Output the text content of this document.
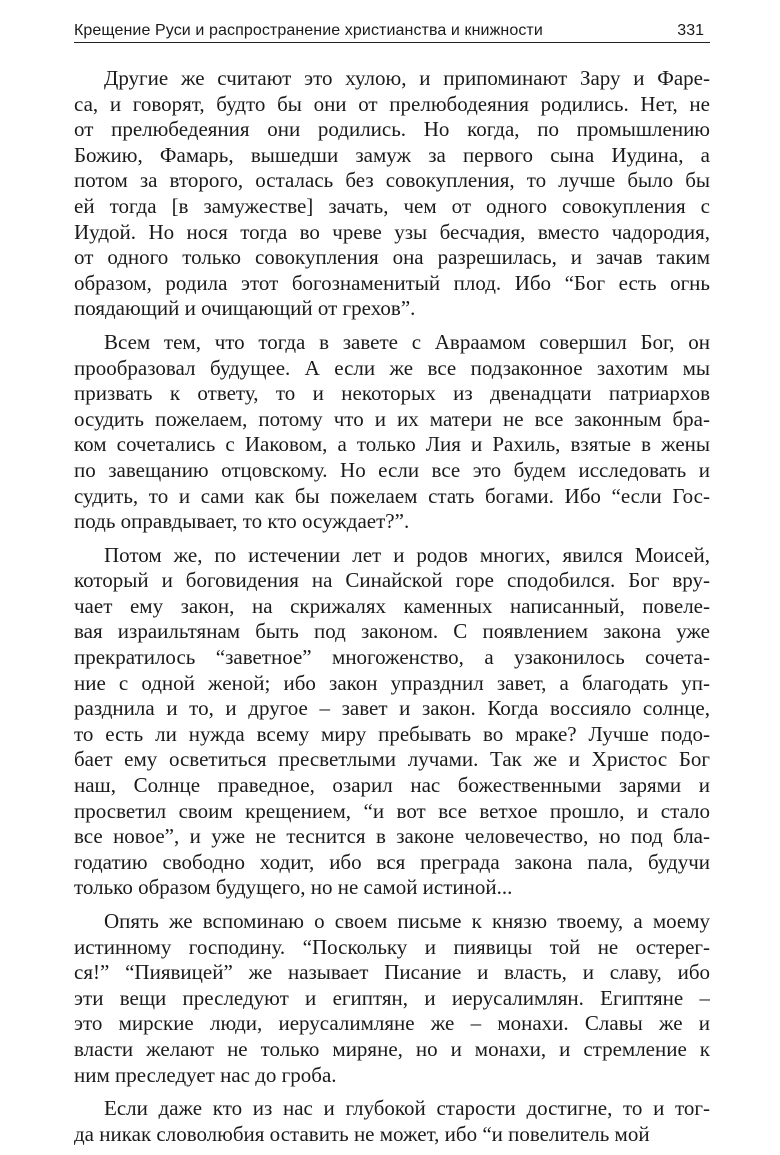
Крещение Руси и распространение христианства и книжности	331
Другие же считают это хулою, и припоминают Зару и Фаре-
са, и говорят, будто бы они от прелюбодеяния родились. Нет, не
от прелюбедеяния они родились. Но когда, по промышлению
Божию, Фамарь, вышедши замуж за первого сына Иудина, а
потом за второго, осталась без совокупления, то лучше было бы
ей тогда [в замужестве] зачать, чем от одного совокупления с
Иудой. Но нося тогда во чреве узы бесчадия, вместо чадородия,
от одного только совокупления она разрешилась, и зачав таким
образом, родила этот богознаменитый плод. Ибо “Бог есть огнь
поядающий и очищающий от грехов”.
Всем тем, что тогда в завете с Авраамом совершил Бог, он
прообразовал будущее. А если же все подзаконное захотим мы
призвать к ответу, то и некоторых из двенадцати патриархов
осудить пожелаем, потому что и их матери не все законным бра-
ком сочетались с Иаковом, а только Лия и Рахиль, взятые в жены
по завещанию отцовскому. Но если все это будем исследовать и
судить, то и сами как бы пожелаем стать богами. Ибо “если Гос-
подь оправдывает, то кто осуждает?”.
Потом же, по истечении лет и родов многих, явился Моисей,
который и боговидения на Синайской горе сподобился. Бог вру-
чает ему закон, на скрижалях каменных написанный, повеле-
вая израильтянам быть под законом. С появлением закона уже
прекратилось “заветное” многоженство, а узаконилось сочета-
ние с одной женой; ибо закон упразднил завет, а благодать уп-
разднила и то, и другое – завет и закон. Когда воссияло солнце,
то есть ли нужда всему миру пребывать во мраке? Лучше подо-
бает ему осветиться пресветлыми лучами. Так же и Христос Бог
наш, Солнце праведное, озарил нас божественными зарями и
просветил своим крещением, “и вот все ветхое прошло, и стало
все новое”, и уже не теснится в законе человечество, но под бла-
годатию свободно ходит, ибо вся преграда закона пала, будучи
только образом будущего, но не самой истиной...
Опять же вспоминаю о своем письме к князю твоему, а моему
истинному господину. “Поскольку и пиявицы той не остерег-
ся!” “Пиявицей” же называет Писание и власть, и славу, ибо
эти вещи преследуют и египтян, и иерусалимлян. Египтяне –
это мирские люди, иерусалимляне же – монахи. Славы же и
власти желают не только миряне, но и монахи, и стремление к
ним преследует нас до гроба.
Если даже кто из нас и глубокой старости достигне, то и тог-
да никак словолюбия оставить не может, ибо “и повелитель мой
